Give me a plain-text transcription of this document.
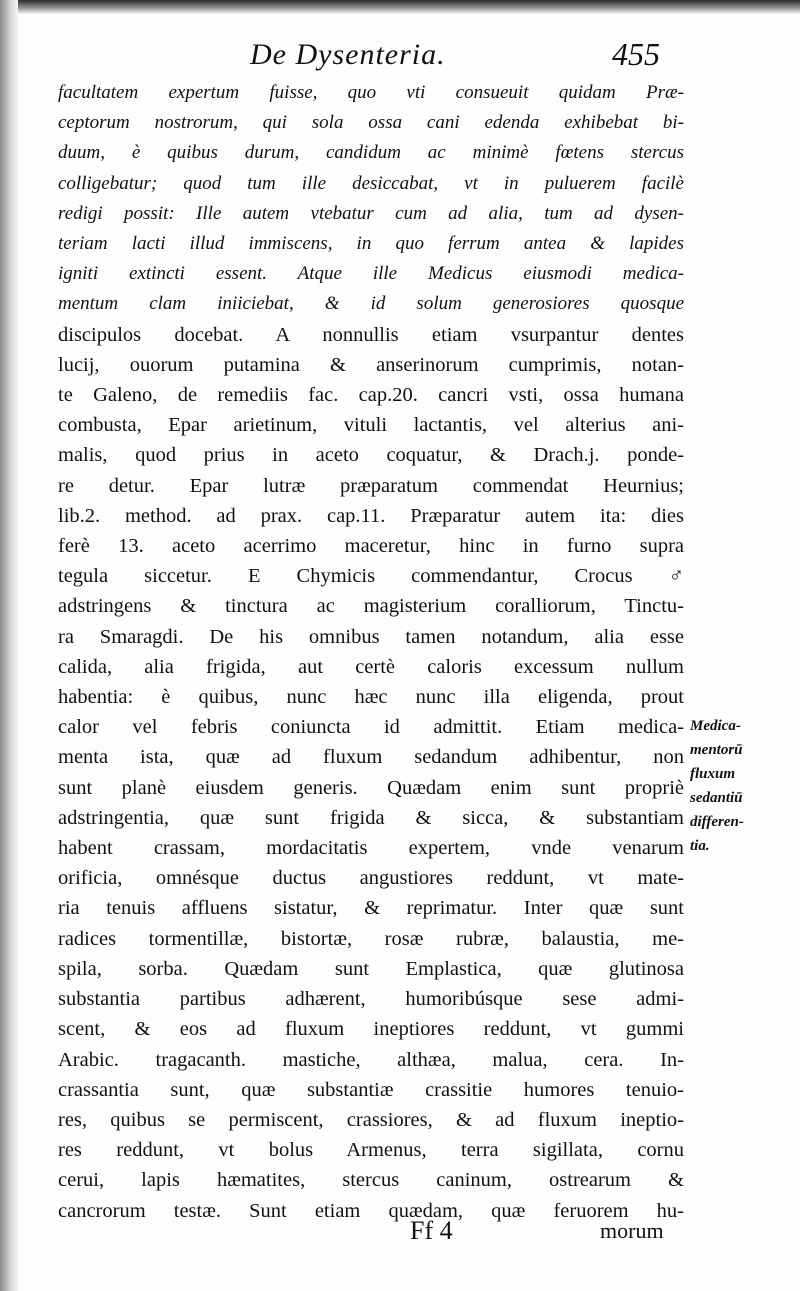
De Dysenteria.	455
facultatem expertum fuisse, quo vti consueuit quidam Præ-
ceptorum nostrorum, qui sola ossa cani edenda exhibebat bi-
duum, è quibus durum, candidum ac minimè fœtens stercus
colligebatur; quod tum ille desiccabat, vt in puluerem facilè
redigi possit: Ille autem vtebatur cum ad alia, tum ad dysen-
teriam lacti illud immiscens, in quo ferrum antea & lapides
igniti extincti essent. Atque ille Medicus eiusmodi medica-
mentum clam iniiciebat, & id solum generosiores quosque
discipulos docebat. A nonnullis etiam vsurpantur dentes
lucij, ouorum putamina & anserinorum cumprimis, notan-
te Galeno, de remediis fac. cap.20. cancri vsti, ossa humana
combusta, Epar arietinum, vituli lactantis, vel alterius ani-
malis, quod prius in aceto coquatur, & Drach.j. ponde-
re detur. Epar lutræ præparatum commendat Heurnius;
lib.2. method. ad prax. cap.11. Præparatur autem ita: dies
ferè 13. aceto acerrimo maceretur, hinc in furno supra
tegula siccetur. E Chymicis commendantur, Crocus ♂
adstringens & tinctura ac magisterium coralliorum, Tinctu-
ra Smaragdi. De his omnibus tamen notandum, alia esse
calida, alia frigida, aut certè caloris excessum nullum
habentia: è quibus, nunc hæc nunc illa eligenda, prout
calor vel febris coniuncta id admittit. Etiam medica-
menta ista, quæ ad fluxum sedandum adhibentur, non
sunt planè eiusdem generis. Quædam enim sunt propriè
adstringentia, quæ sunt frigida & sicca, & substantiam
habent crassam, mordacitatis expertem, vnde venarum
orificia, omnésque ductus angustiores reddunt, vt mate-
ria tenuis affluens sistatur, & reprimatur. Inter quæ sunt
radices tormentillæ, bistortæ, rosæ rubræ, balaustia, me-
spila, sorba. Quædam sunt Emplastica, quæ glutinosa
substantia partibus adhærent, humoribúsque sese admi-
scent, & eos ad fluxum ineptiores reddunt, vt gummi
Arabic. tragacanth. mastiche, althæa, malua, cera. In-
crassantia sunt, quæ substantiæ crassitie humores tenuio-
res, quibus se permiscent, crassiores, & ad fluxum ineptio-
res reddunt, vt bolus Armenus, terra sigillata, cornu
cerui, lapis hæmatites, stercus caninum, ostrearum &
cancrorum testæ. Sunt etiam quædam, quæ feruorem hu-
Medica-
mentorū
fluxum
sedantiū
differen-
tia.
Ff 4	morum
